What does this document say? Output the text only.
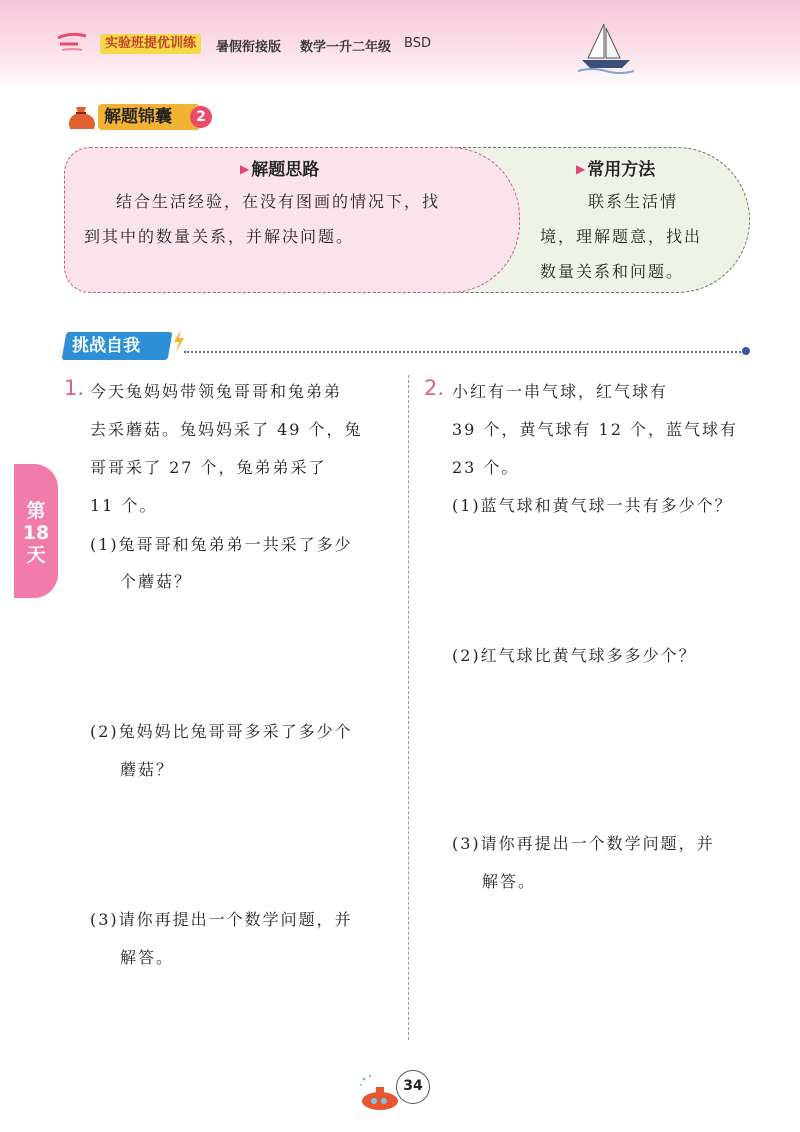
实验班提优训练	暑假衔接版 数学一升二年级 BSD
解题锦囊	2
▶ 解题思路
结合生活经验，在没有图画的情况下，找
到其中的数量关系，并解决问题。
▶ 常用方法
联系生活情
境，理解题意，找出
数量关系和问题。
挑战自我
第
18
天
1. 今天兔妈妈带领兔哥哥和兔弟弟
去采蘑菇。兔妈妈采了 49 个，兔
哥哥采了 27 个，兔弟弟采了
11 个。
(1)兔哥哥和兔弟弟一共采了多少
个蘑菇？
(2)兔妈妈比兔哥哥多采了多少个
蘑菇？
(3)请你再提出一个数学问题，并
解答。
2. 小红有一串气球，红气球有
39 个，黄气球有 12 个，蓝气球有
23 个。
(1)蓝气球和黄气球一共有多少个？
(2)红气球比黄气球多多少个？
(3)请你再提出一个数学问题，并
解答。
34
